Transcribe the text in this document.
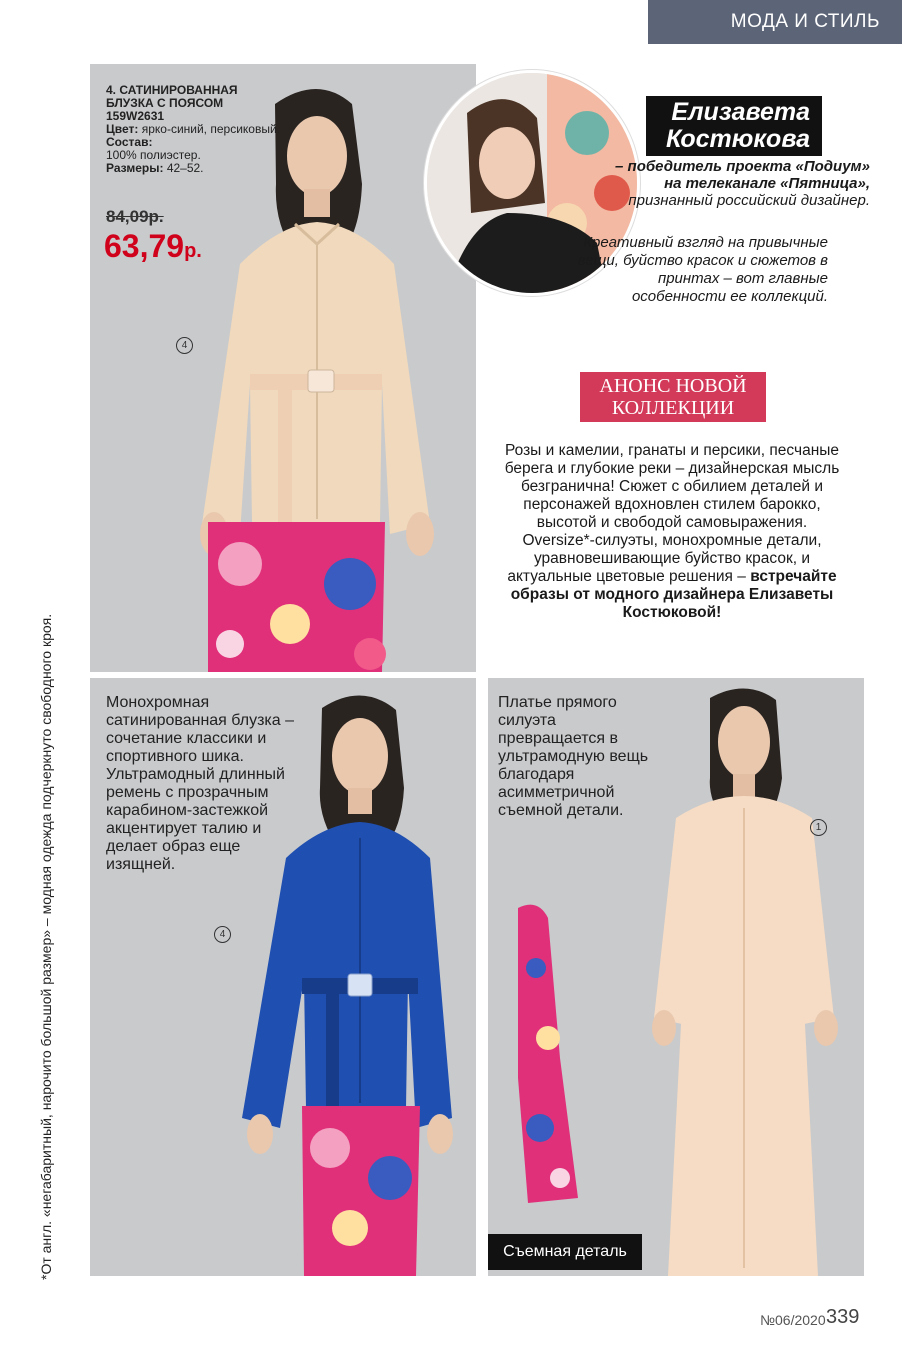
МОДА И СТИЛЬ
4. САТИНИРОВАННАЯ БЛУЗКА С ПОЯСОМ
159W2631
Цвет: ярко-синий, персиковый.
Состав:
100% полиэстер.
Размеры: 42–52.
84,09р.
63,79р.
4
Елизавета
Костюкова
– победитель проекта «Подиум» на телеканале «Пятница», признанный российский дизайнер.
Креативный взгляд на привычные вещи, буйство красок и сюжетов в принтах – вот главные особенности ее коллекций.
АНОНС НОВОЙ
КОЛЛЕКЦИИ
Розы и камелии, гранаты и персики, песчаные берега и глубокие реки – дизайнерская мысль безгранична! Сюжет с обилием деталей и персонажей вдохновлен стилем барокко, высотой и свободой самовыражения. Oversize*-силуэты, монохромные детали, уравновешивающие буйство красок, и актуальные цветовые решения – встречайте образы от модного дизайнера Елизаветы Костюковой!
Монохромная сатинированная блузка – сочетание классики и спортивного шика. Ультрамодный длинный ремень с прозрачным карабином-застежкой акцентирует талию и делает образ еще изящней.
4
Платье прямого силуэта превращается в ультрамодную вещь благодаря асимметричной съемной детали.
1
Съемная деталь
*От англ. «негабаритный, нарочито большой размер» – модная одежда подчеркнуто свободного кроя.
№06/2020 339
